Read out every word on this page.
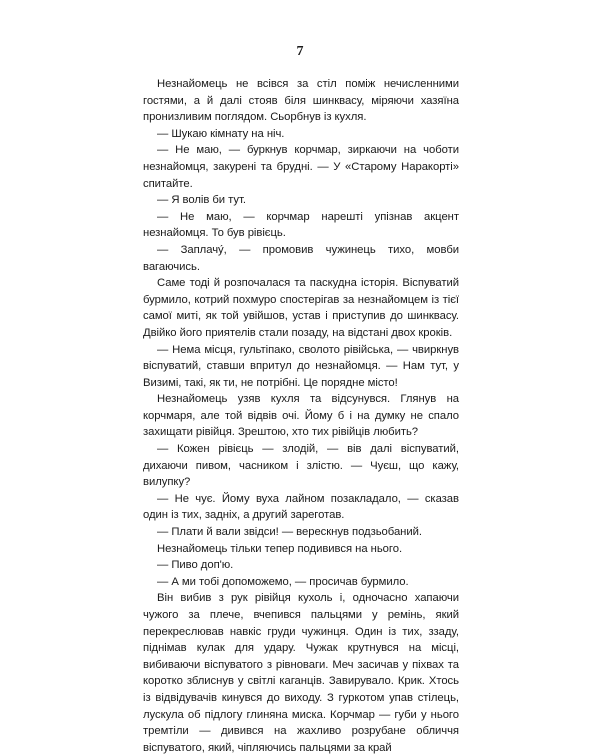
7

Незнайомець не всівся за стіл поміж нечисленними гостями, а й далі стояв біля шинквасу, міряючи хазяїна пронизливим поглядом. Сьорбнув із кухля.

— Шукаю кімнату на ніч.

— Не маю, — буркнув корчмар, зиркаючи на чоботи незнайомця, закурені та брудні. — У «Старому Наракорті» спитайте.

— Я волів би тут.

— Не маю, — корчмар нарешті упізнав акцент незнайомця. То був рівієць.

— Заплачу́, — промовив чужинець тихо, мовби вагаючись.

Саме тоді й розпочалася та паскудна історія. Віспуватий бурмило, котрий похмуро спостерігав за незнайомцем із тієї самої миті, як той увійшов, устав і приступив до шинквасу. Двійко його приятелів стали позаду, на відстані двох кроків.

— Нема місця, гультіпако, сволото рівійська, — чвиркнув віспуватий, ставши впритул до незнайомця. — Нам тут, у Визимі, такі, як ти, не потрібні. Це порядне місто!

Незнайомець узяв кухля та відсунувся. Глянув на корчмаря, але той відвів очі. Йому б і на думку не спало захищати рівійця. Зрештою, хто тих рівійців любить?

— Кожен рівієць — злодій, — вів далі віспуватий, дихаючи пивом, часником і злістю. — Чуєш, що кажу, вилупку?

— Не чує. Йому вуха лайном позакладало, — сказав один із тих, задніх, а другий зареготав.

— Плати й вали звідси! — верескнув подзьобаний.

Незнайомець тільки тепер подивився на нього.

— Пиво доп'ю.

— А ми тобі допоможемо, — просичав бурмило.

Він вибив з рук рівійця кухоль і, одночасно хапаючи чужого за плече, вчепився пальцями у ремінь, який перекреслював навкіс груди чужинця. Один із тих, ззаду, піднімав кулак для удару. Чужак крутнувся на місці, вибиваючи віспуватого з рівноваги. Меч засичав у піхвах та коротко зблиснув у світлі каганців. Завирувало. Крик. Хтось із відвідувачів кинувся до виходу. З гуркотом упав стілець, лускула об підлогу глиняна миска. Корчмар — губи у нього тремтіли — дивився на жахливо розрубане обличчя віспуватого, який, чіпляючись пальцями за край
